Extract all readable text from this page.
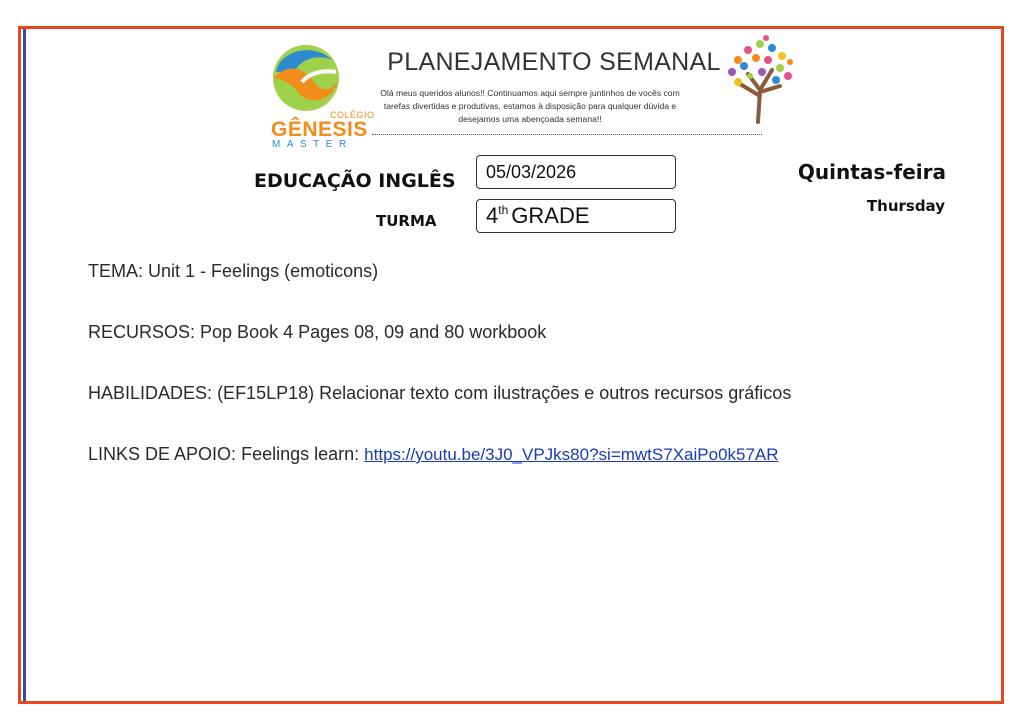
COLÉGIO
GÊNESIS
MASTER
PLANEJAMENTO SEMANAL
Olá meus queridos alunos!! Continuamos aqui sempre juntinhos de vocês com tarefas divertidas e produtivas, estamos à disposição para qualquer dúvida e desejamos uma abençoada semana!!
EDUCAÇÃO INGLÊS
TURMA
05/03/2026
4th GRADE
Quintas-feira
Thursday
TEMA: Unit 1 - Feelings (emoticons)
RECURSOS: Pop Book 4 Pages 08, 09 and 80 workbook
HABILIDADES: (EF15LP18) Relacionar texto com ilustrações e outros recursos gráficos
LINKS DE APOIO: Feelings learn: https://youtu.be/3J0_VPJks80?si=mwtS7XaiPo0k57AR
